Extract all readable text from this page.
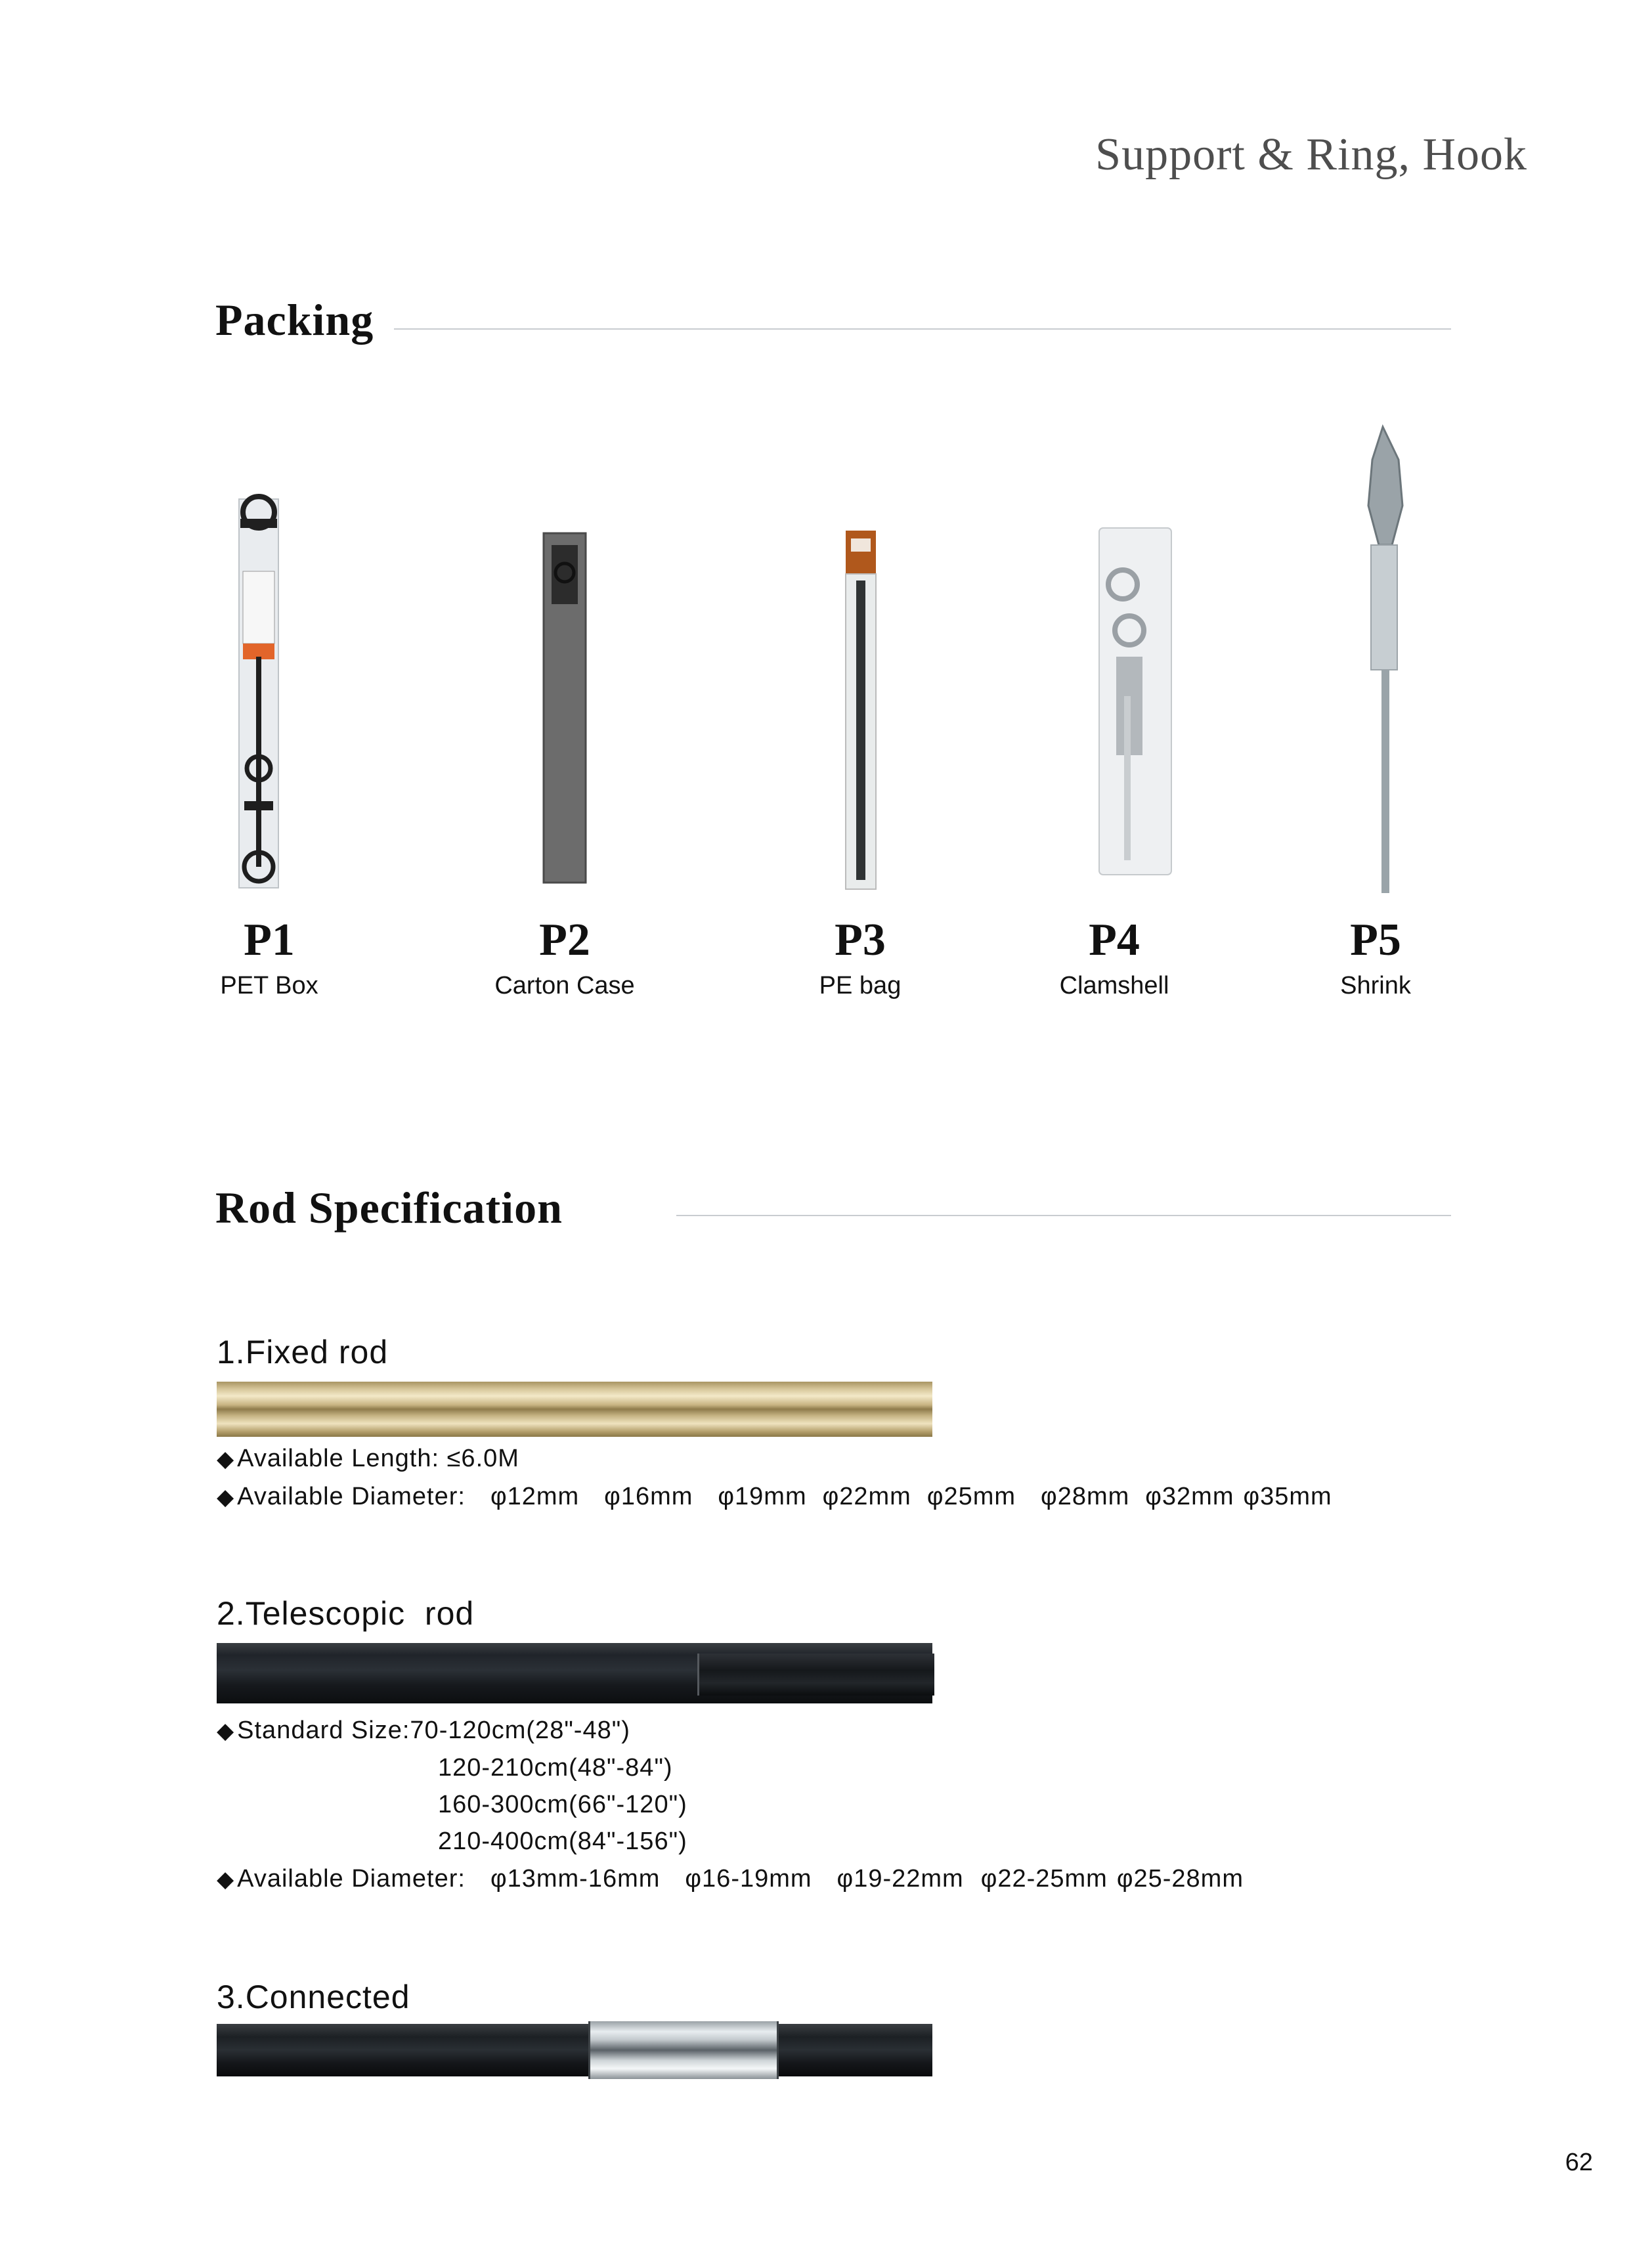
Support & Ring, Hook
Packing
P1
PET Box
P2
Carton Case
P3
PE bag
P4
Clamshell
P5
Shrink
Rod Specification
1.Fixed rod
◆ Available Length: ≤6.0M
◆ Available Diameter: φ12mm φ16mm φ19mm φ22mm φ25mm φ28mm φ32mm φ35mm
2.Telescopic  rod
◆ Standard Size:70-120cm(28"-48")
120-210cm(48"-84")
160-300cm(66"-120")
210-400cm(84"-156")
◆ Available Diameter: φ13mm-16mm φ16-19mm φ19-22mm φ22-25mm φ25-28mm
3.Connected
62
